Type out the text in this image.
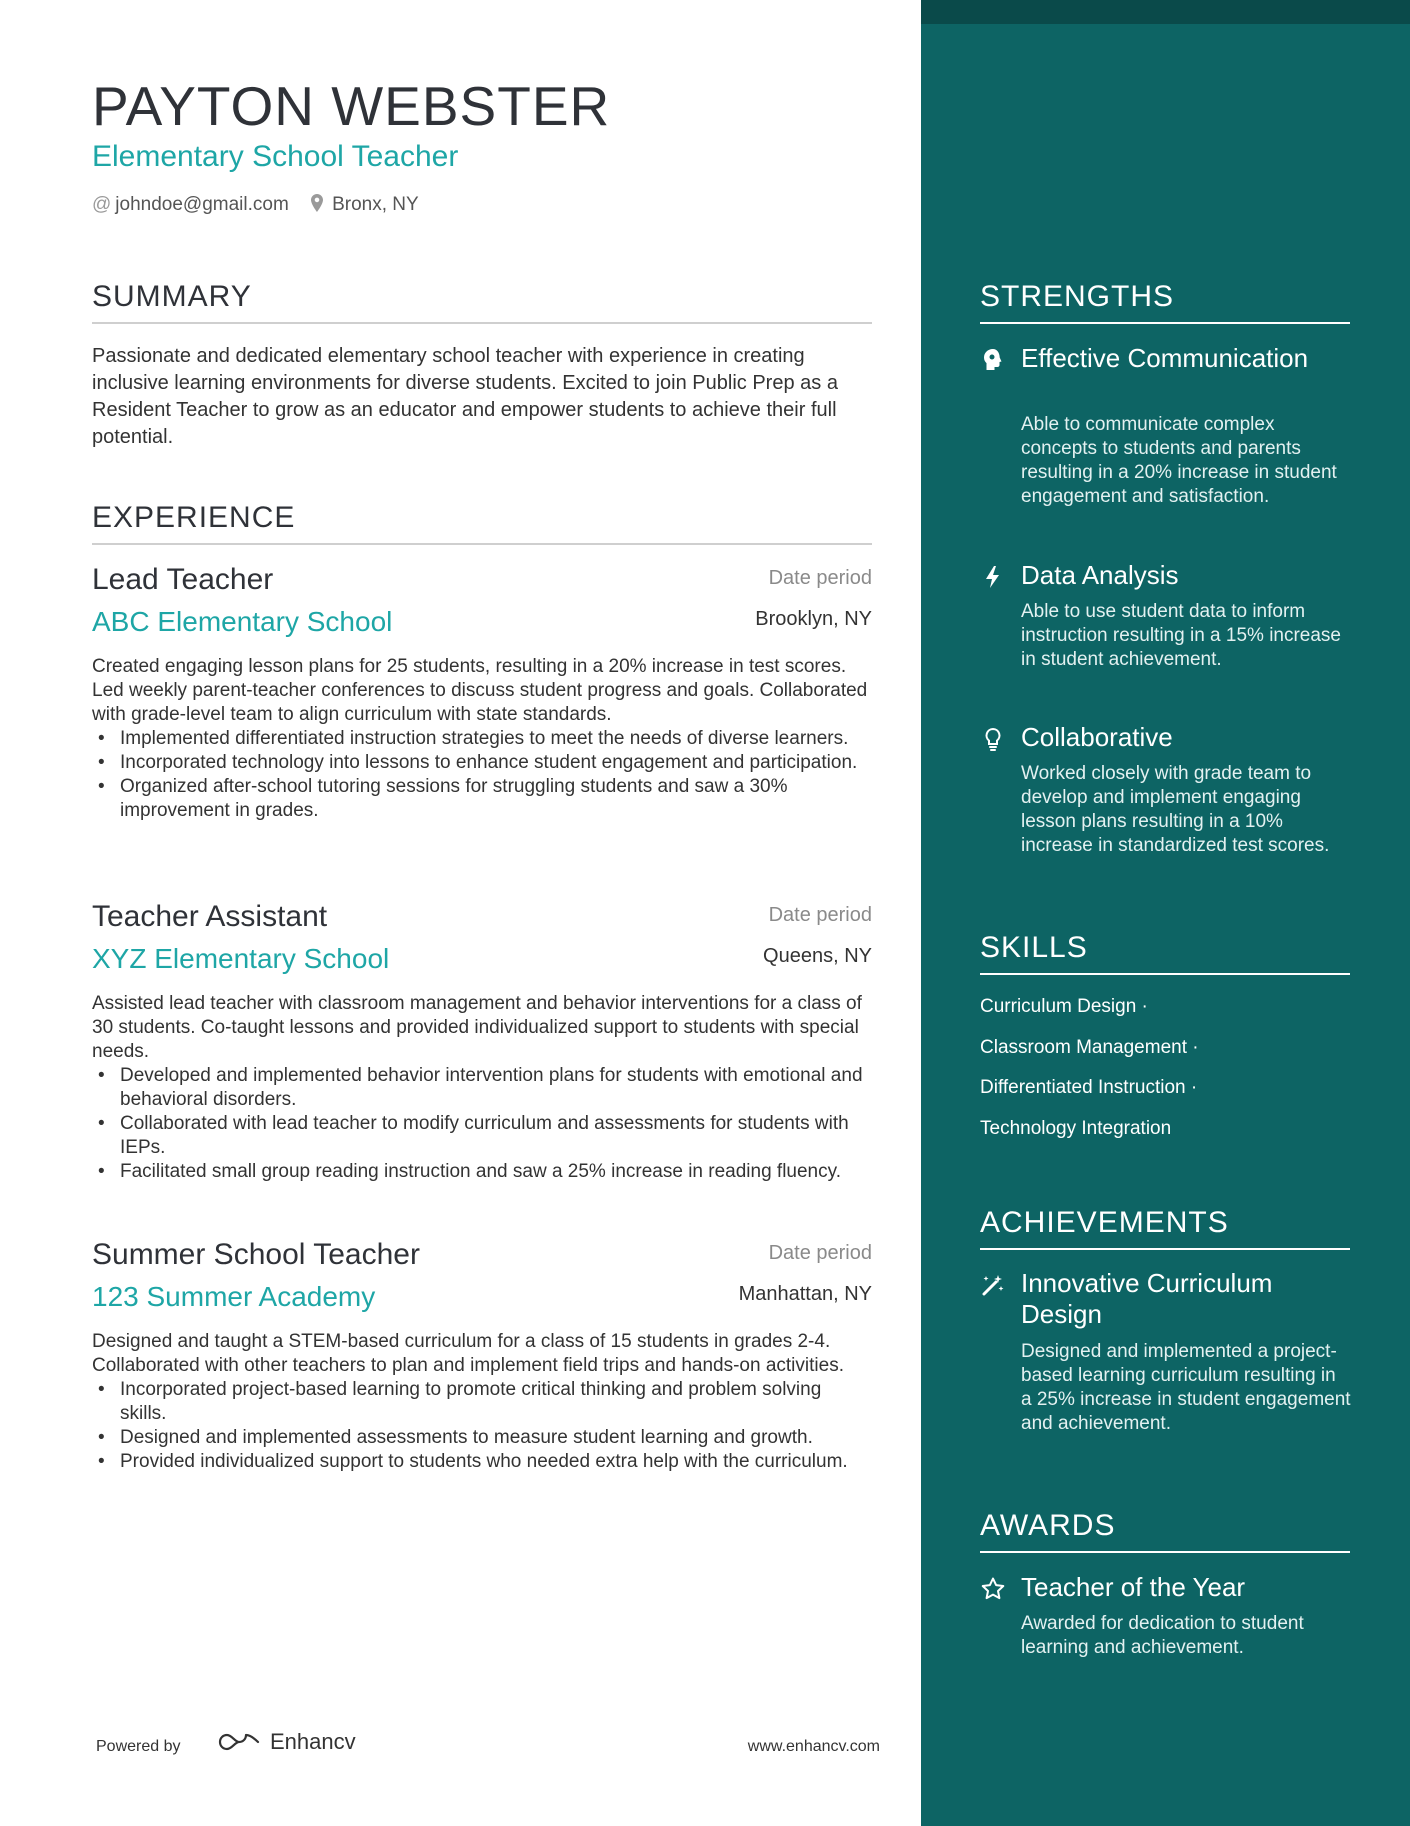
PAYTON WEBSTER
Elementary School Teacher
@ johndoe@gmail.com	Bronx, NY
SUMMARY
Passionate and dedicated elementary school teacher with experience in creating inclusive learning environments for diverse students. Excited to join Public Prep as a Resident Teacher to grow as an educator and empower students to achieve their full potential.
EXPERIENCE
Lead Teacher	Date period
ABC Elementary School	Brooklyn, NY
Created engaging lesson plans for 25 students, resulting in a 20% increase in test scores. Led weekly parent-teacher conferences to discuss student progress and goals. Collaborated with grade-level team to align curriculum with state standards.
• Implemented differentiated instruction strategies to meet the needs of diverse learners.
• Incorporated technology into lessons to enhance student engagement and participation.
• Organized after-school tutoring sessions for struggling students and saw a 30% improvement in grades.
Teacher Assistant	Date period
XYZ Elementary School	Queens, NY
Assisted lead teacher with classroom management and behavior interventions for a class of 30 students. Co-taught lessons and provided individualized support to students with special needs.
• Developed and implemented behavior intervention plans for students with emotional and behavioral disorders.
• Collaborated with lead teacher to modify curriculum and assessments for students with IEPs.
• Facilitated small group reading instruction and saw a 25% increase in reading fluency.
Summer School Teacher	Date period
123 Summer Academy	Manhattan, NY
Designed and taught a STEM-based curriculum for a class of 15 students in grades 2-4. Collaborated with other teachers to plan and implement field trips and hands-on activities.
• Incorporated project-based learning to promote critical thinking and problem solving skills.
• Designed and implemented assessments to measure student learning and growth.
• Provided individualized support to students who needed extra help with the curriculum.
Powered by	Enhancv	www.enhancv.com
STRENGTHS
Effective Communication
Able to communicate complex concepts to students and parents resulting in a 20% increase in student engagement and satisfaction.
Data Analysis
Able to use student data to inform instruction resulting in a 15% increase in student achievement.
Collaborative
Worked closely with grade team to develop and implement engaging lesson plans resulting in a 10% increase in standardized test scores.
SKILLS
Curriculum Design ·
Classroom Management ·
Differentiated Instruction ·
Technology Integration
ACHIEVEMENTS
Innovative Curriculum Design
Designed and implemented a project-based learning curriculum resulting in a 25% increase in student engagement and achievement.
AWARDS
Teacher of the Year
Awarded for dedication to student learning and achievement.
